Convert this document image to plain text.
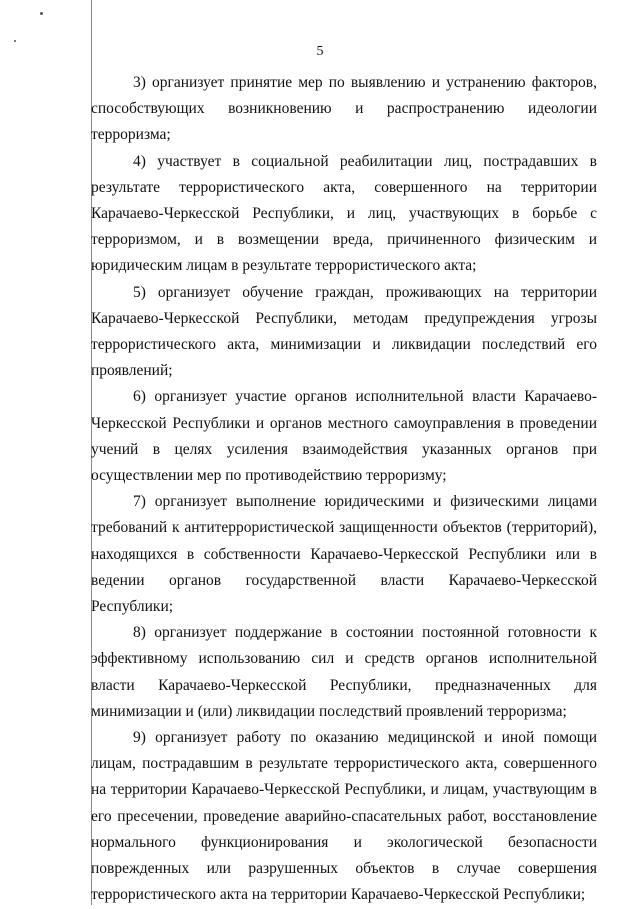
5

3) организует принятие мер по выявлению и устранению факторов, способствующих возникновению и распространению идеологии терроризма;

4) участвует в социальной реабилитации лиц, пострадавших в результате террористического акта, совершенного на территории Карачаево-Черкесской Республики, и лиц, участвующих в борьбе с терроризмом, и в возмещении вреда, причиненного физическим и юридическим лицам в результате террористического акта;

5) организует обучение граждан, проживающих на территории Карачаево-Черкесской Республики, методам предупреждения угрозы террористического акта, минимизации и ликвидации последствий его проявлений;

6) организует участие органов исполнительной власти Карачаево-Черкесской Республики и органов местного самоуправления в проведении учений в целях усиления взаимодействия указанных органов при осуществлении мер по противодействию терроризму;

7) организует выполнение юридическими и физическими лицами требований к антитеррористической защищенности объектов (территорий), находящихся в собственности Карачаево-Черкесской Республики или в ведении органов государственной власти Карачаево-Черкесской Республики;

8) организует поддержание в состоянии постоянной готовности к эффективному использованию сил и средств органов исполнительной власти Карачаево-Черкесской Республики, предназначенных для минимизации и (или) ликвидации последствий проявлений терроризма;

9) организует работу по оказанию медицинской и иной помощи лицам, пострадавшим в результате террористического акта, совершенного на территории Карачаево-Черкесской Республики, и лицам, участвующим в его пресечении, проведение аварийно-спасательных работ, восстановление нормального функционирования и экологической безопасности поврежденных или разрушенных объектов в случае совершения террористического акта на территории Карачаево-Черкесской Республики;
